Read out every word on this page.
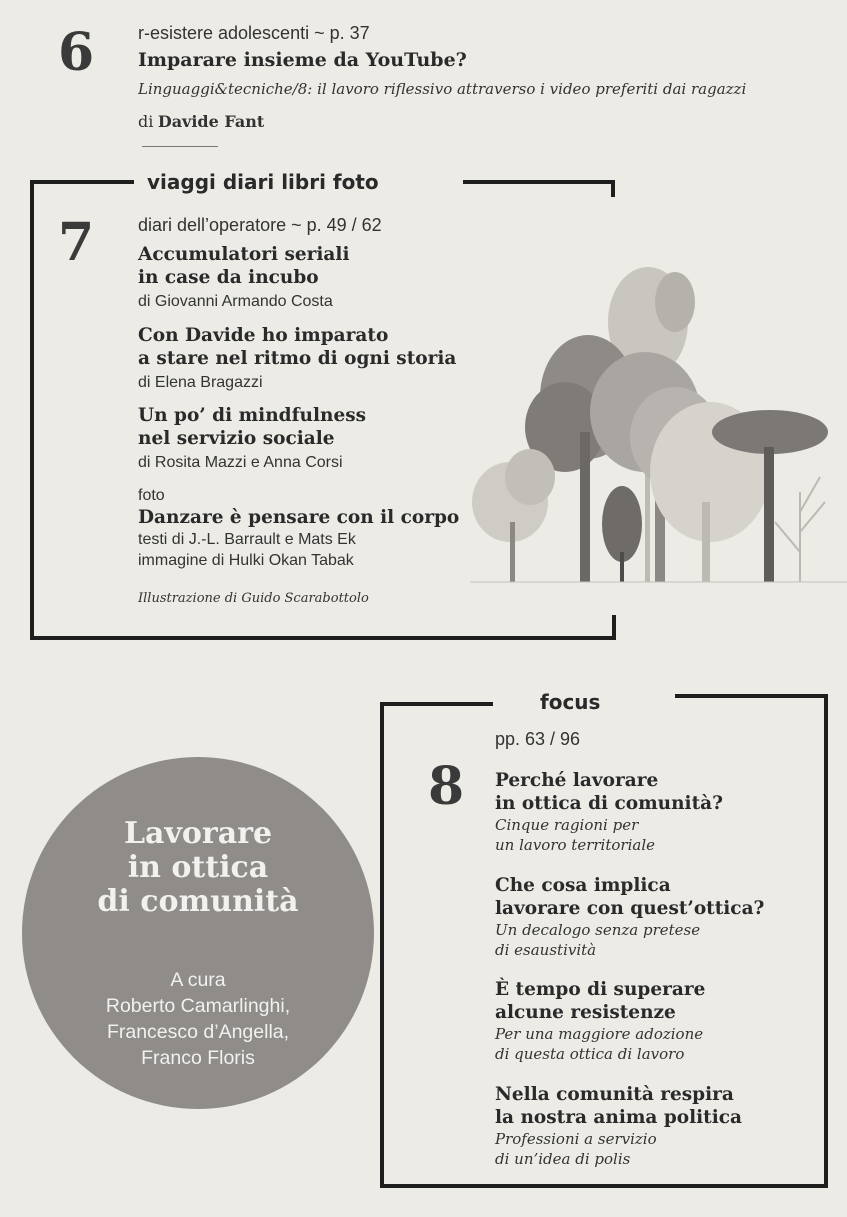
6 r-esistere adolescenti ~ p. 37
Imparare insieme da YouTube?
Linguaggi&tecniche/8: il lavoro riflessivo attraverso i video preferiti dai ragazzi
di Davide Fant
viaggi diari libri foto
7 diari dell’operatore ~ p. 49 / 62
Accumulatori seriali
in case da incubo
di Giovanni Armando Costa
Con Davide ho imparato
a stare nel ritmo di ogni storia
di Elena Bragazzi
Un po’ di mindfulness
nel servizio sociale
di Rosita Mazzi e Anna Corsi
foto
Danzare è pensare con il corpo
testi di J.-L. Barrault e Mats Ek
immagine di Hulki Okan Tabak
Illustrazione di Guido Scarabottolo
focus
pp. 63 / 96
8 Perché lavorare
in ottica di comunità?
Cinque ragioni per
un lavoro territoriale
Che cosa implica
lavorare con quest’ottica?
Un decalogo senza pretese
di esaustività
È tempo di superare
alcune resistenze
Per una maggiore adozione
di questa ottica di lavoro
Nella comunità respira
la nostra anima politica
Professioni a servizio
di un’idea di polis
Lavorare
in ottica
di comunità
A cura
Roberto Camarlinghi,
Francesco d’Angella,
Franco Floris
